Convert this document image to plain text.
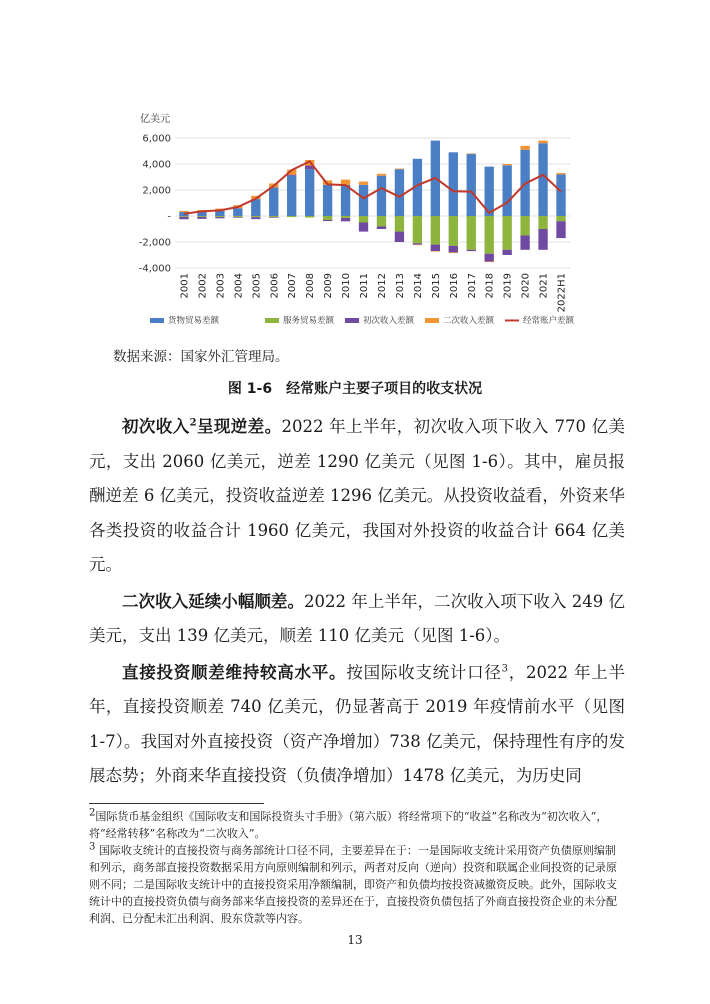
亿美元
6,000
4,000
2,000
-
-2,000
-4,000
2001 2002 2003 2004 2005 2006 2007 2008 2009 2010 2011 2012 2013 2014 2015 2016 2017 2018 2019 2020 2021 2022H1
货物贸易差额	服务贸易差额	初次收入差额	二次收入差额	经常账户差额
数据来源：国家外汇管理局。
图 1-6　经常账户主要子项目的收支状况

初次收入$^2$呈现逆差。2022 年上半年，初次收入项下收入 770 亿美元，支出 2060 亿美元，逆差 1290 亿美元（见图 1-6）。其中，雇员报酬逆差 6 亿美元，投资收益逆差 1296 亿美元。从投资收益看，外资来华各类投资的收益合计 1960 亿美元，我国对外投资的收益合计 664 亿美元。

二次收入延续小幅顺差。2022 年上半年，二次收入项下收入 249 亿美元，支出 139 亿美元，顺差 110 亿美元（见图 1-6）。

直接投资顺差维持较高水平。按国际收支统计口径$^3$，2022 年上半年，直接投资顺差 740 亿美元，仍显著高于 2019 年疫情前水平（见图 1-7）。我国对外直接投资（资产净增加）738 亿美元，保持理性有序的发展态势；外商来华直接投资（负债净增加）1478 亿美元，为历史同

$^2$国际货币基金组织《国际收支和国际投资头寸手册》（第六版）将经常项下的“收益”名称改为“初次收入”，将“经常转移”名称改为“二次收入”。

$^3$ 国际收支统计的直接投资与商务部统计口径不同，主要差异在于：一是国际收支统计采用资产负债原则编制和列示，商务部直接投资数据采用方向原则编制和列示，两者对反向（逆向）投资和联属企业间投资的记录原则不同；二是国际收支统计中的直接投资采用净额编制，即资产和负债均按投资减撤资反映。此外，国际收支统计中的直接投资负债与商务部来华直接投资的差异还在于，直接投资负债包括了外商直接投资企业的未分配利润、已分配未汇出利润、股东贷款等内容。

13
